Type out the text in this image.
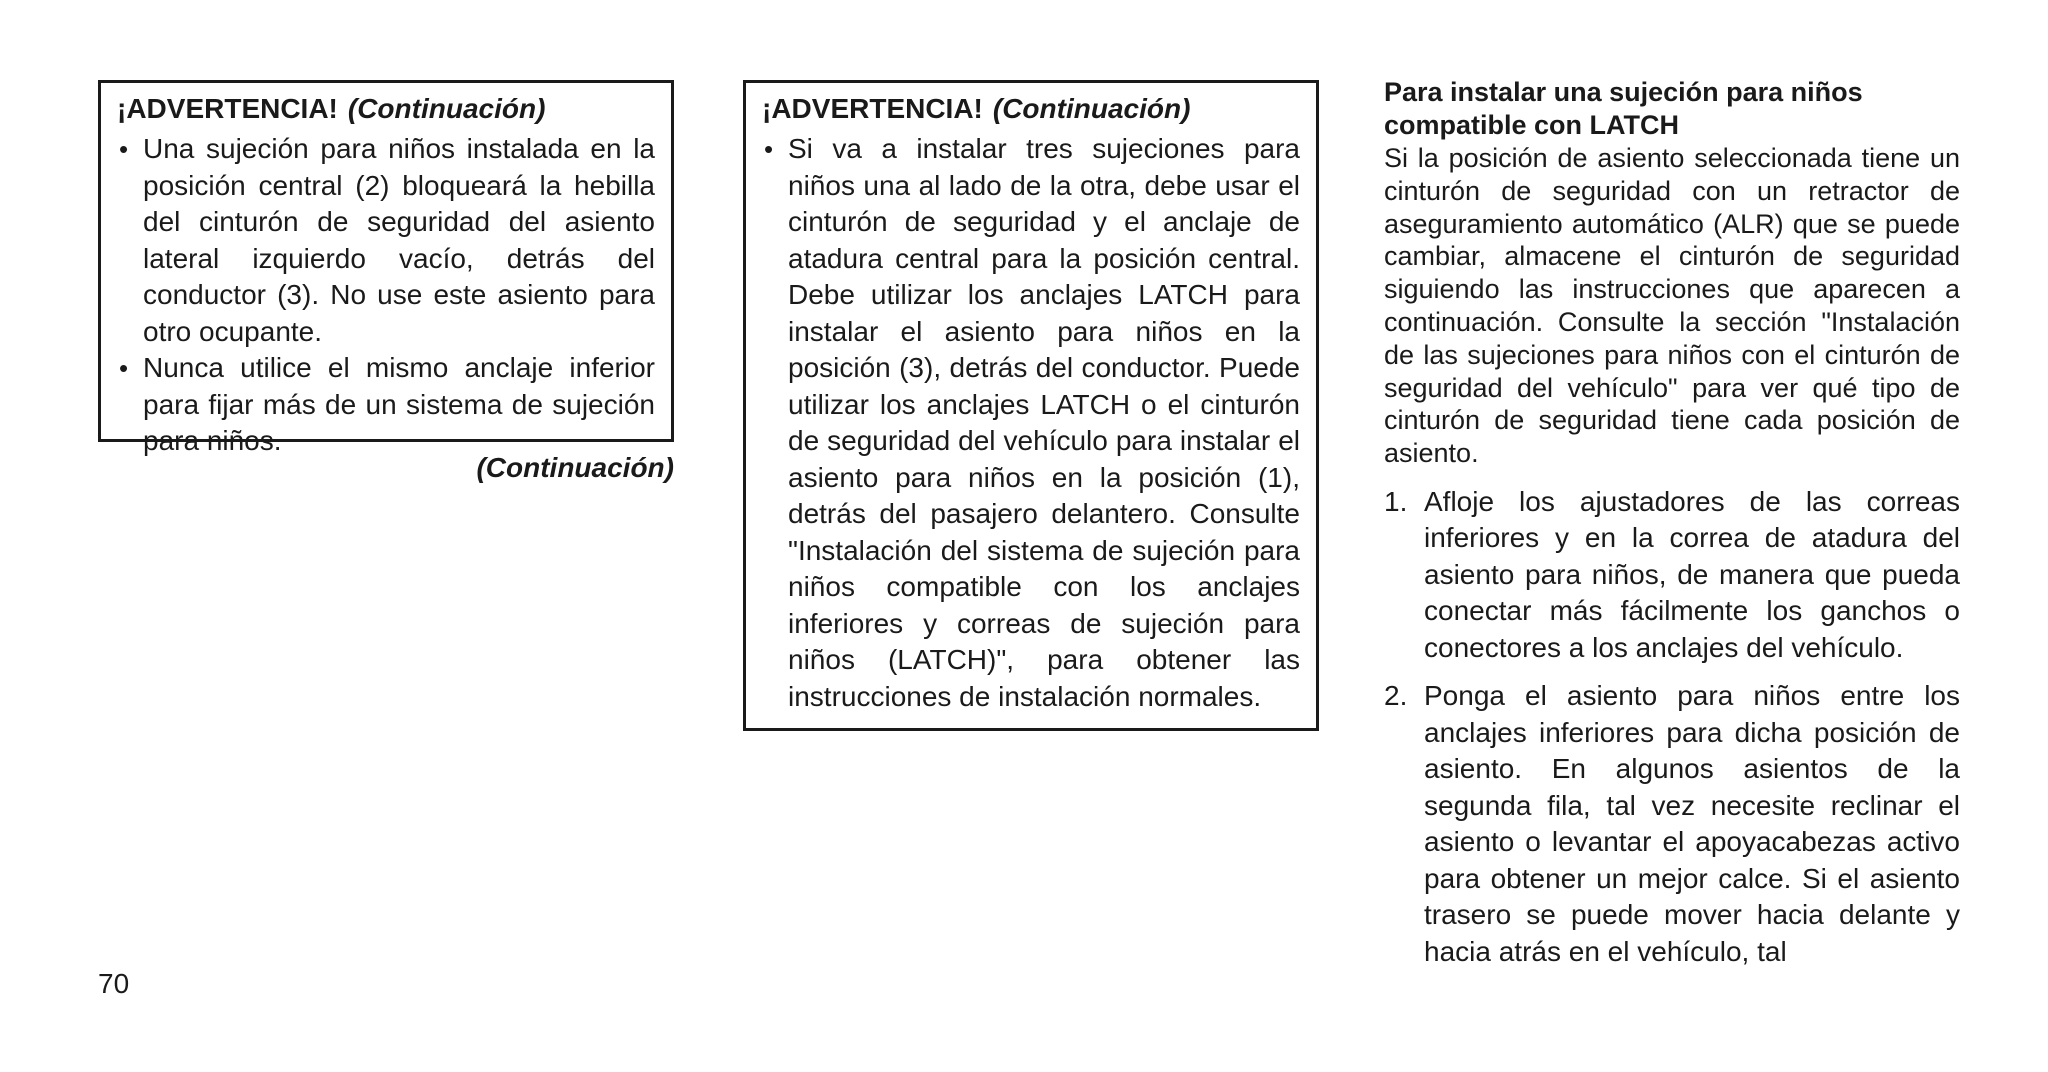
¡ADVERTENCIA! (Continuación)
• Una sujeción para niños instalada en la posición central (2) bloqueará la hebilla del cinturón de seguridad del asiento lateral izquierdo vacío, detrás del conductor (3). No use este asiento para otro ocupante.
• Nunca utilice el mismo anclaje inferior para fijar más de un sistema de sujeción para niños.
(Continuación)
¡ADVERTENCIA! (Continuación)
• Si va a instalar tres sujeciones para niños una al lado de la otra, debe usar el cinturón de seguridad y el anclaje de atadura central para la posición central. Debe utilizar los anclajes LATCH para instalar el asiento para niños en la posición (3), detrás del conductor. Puede utilizar los anclajes LATCH o el cinturón de seguridad del vehículo para instalar el asiento para niños en la posición (1), detrás del pasajero delantero. Consulte "Instalación del sistema de sujeción para niños compatible con los anclajes inferiores y correas de sujeción para niños (LATCH)", para obtener las instrucciones de instalación normales.
Para instalar una sujeción para niños
compatible con LATCH

Si la posición de asiento seleccionada tiene un cinturón de seguridad con un retractor de aseguramiento automático (ALR) que se puede cambiar, almacene el cinturón de seguridad siguiendo las instrucciones que aparecen a continuación. Consulte la sección "Instalación de las sujeciones para niños con el cinturón de seguridad del vehículo" para ver qué tipo de cinturón de seguridad tiene cada posición de asiento.

1. Afloje los ajustadores de las correas inferiores y en la correa de atadura del asiento para niños, de manera que pueda conectar más fácilmente los ganchos o conectores a los anclajes del vehículo.
2. Ponga el asiento para niños entre los anclajes inferiores para dicha posición de asiento. En algunos asientos de la segunda fila, tal vez necesite reclinar el asiento o levantar el apoyacabezas activo para obtener un mejor calce. Si el asiento trasero se puede mover hacia delante y hacia atrás en el vehículo, tal
70
